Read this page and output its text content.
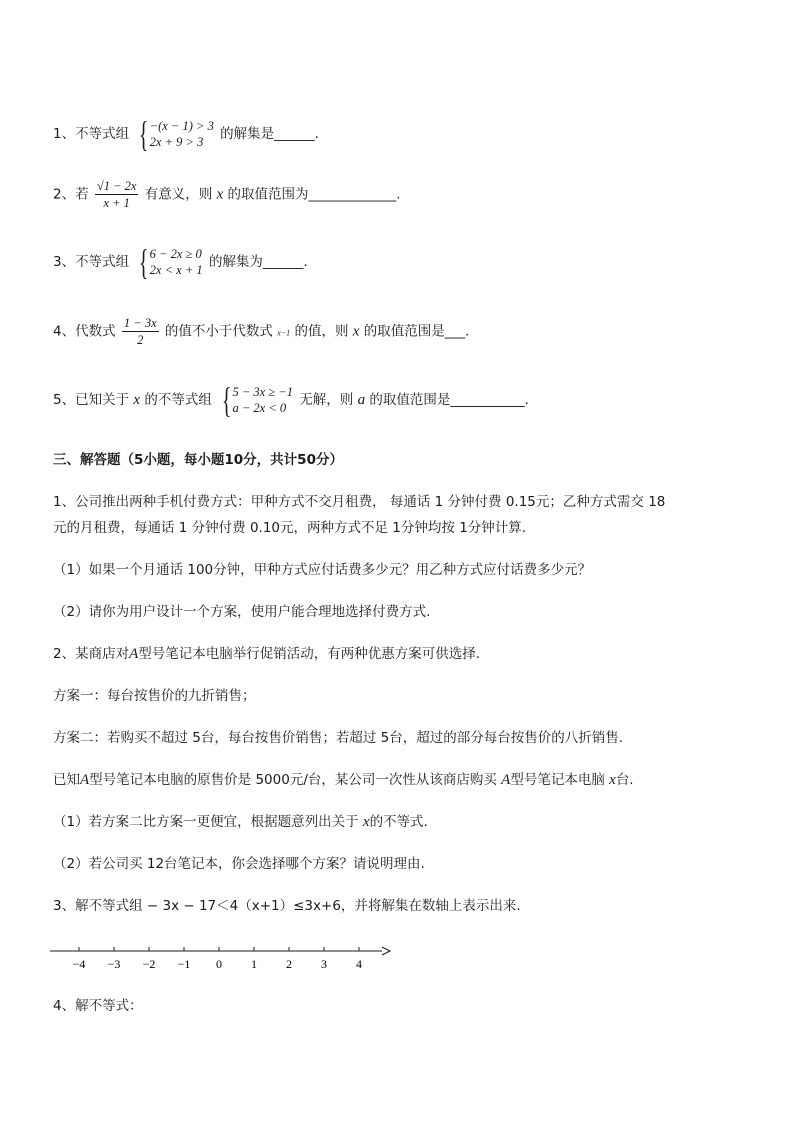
1、不等式组 { −(x − 1) > 3
2x + 9 > 3	的解集是______.
2、若 $\frac{√1 - 2x}{x + 1}$ 有意义，则 x 的取值范围为_____________.
3、不等式组 { 6 − 2x ≥ 0
2x < x + 1 的解集为______.
4、代数式 $\frac{1 - 3x}{2}$ 的值不小于代数式 x−1 的值，则 x 的取值范围是___.
5、已知关于 x 的不等式组 { 5 − 3x ≥ −1
a − 2x < 0 无解，则 a 的取值范围是___________.
三、解答题（5小题，每小题10分，共计50分）
1、公司推出两种手机付费方式：甲种方式不交月租费， 每通话 1 分钟付费 0.15元；乙种方式需交 18
元的月租费，每通话 1 分钟付费 0.10元，两种方式不足 1分钟均按 1分钟计算.
（1）如果一个月通话 100分钟，甲种方式应付话费多少元？用乙种方式应付话费多少元？
（2）请你为用户设计一个方案，使用户能合理地选择付费方式.
2、某商店对A型号笔记本电脑举行促销活动，有两种优惠方案可供选择.
方案一：每台按售价的九折销售；
方案二：若购买不超过 5台，每台按售价销售；若超过 5台，超过的部分每台按售价的八折销售.
已知A型号笔记本电脑的原售价是 5000元/台，某公司一次性从该商店购买 A型号笔记本电脑 x台.
（1）若方案二比方案一更便宜，根据题意列出关于 x的不等式.
（2）若公司买 12台笔记本，你会选择哪个方案？请说明理由.
3、解不等式组 − 3x − 17＜4（x+1）≤3x+6，并将解集在数轴上表示出来.
−4 −3 −2 −1 0 1 2 3 4
4、解不等式：
